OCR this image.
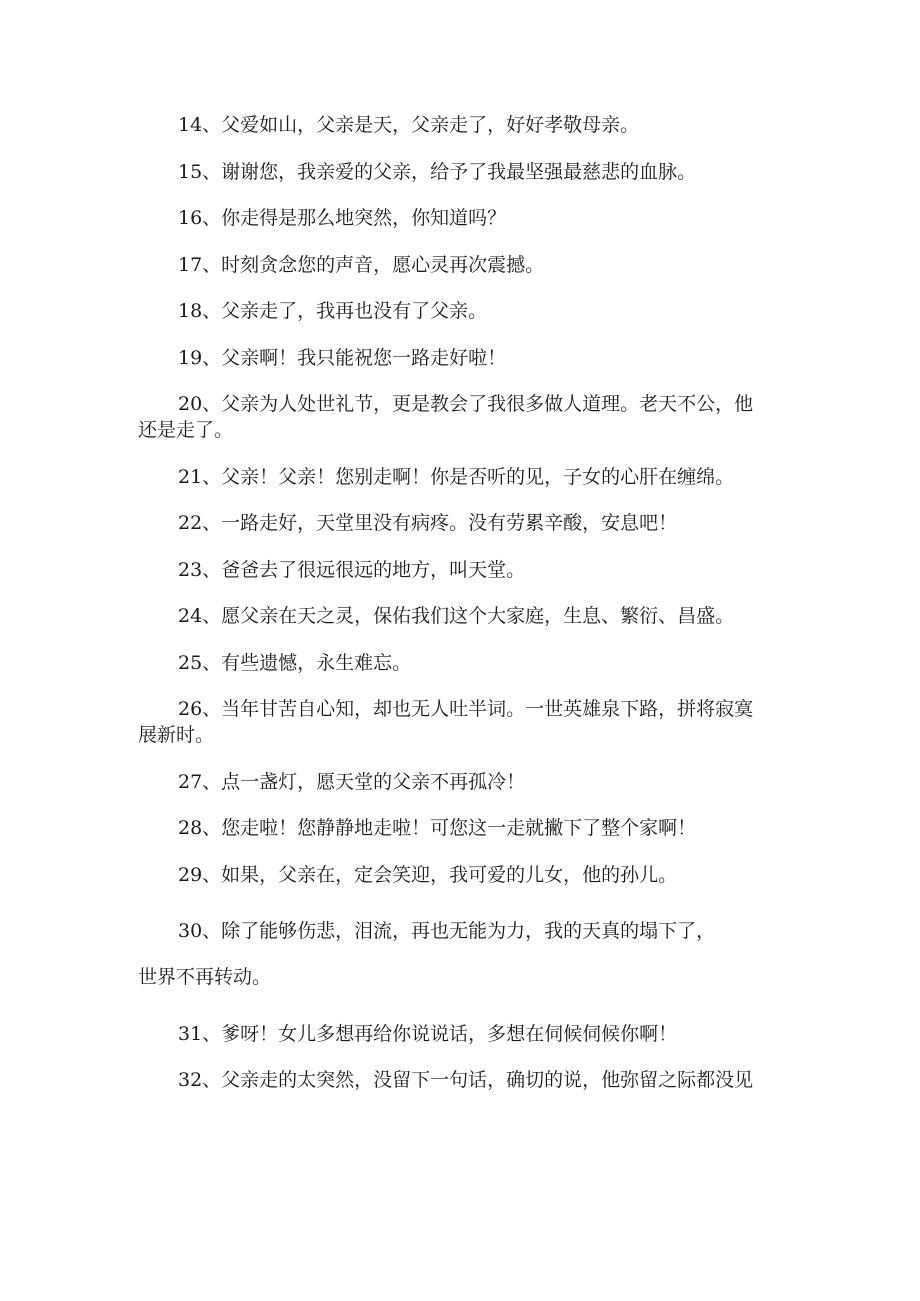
14、父爱如山，父亲是天，父亲走了，好好孝敬母亲。

15、谢谢您，我亲爱的父亲，给予了我最坚强最慈悲的血脉。

16、你走得是那么地突然，你知道吗？

17、时刻贪念您的声音，愿心灵再次震撼。

18、父亲走了，我再也没有了父亲。

19、父亲啊！我只能祝您一路走好啦！

20、父亲为人处世礼节，更是教会了我很多做人道理。老天不公，他
还是走了。

21、父亲！父亲！您别走啊！你是否听的见，子女的心肝在缠绵。

22、一路走好，天堂里没有病疼。没有劳累辛酸，安息吧！

23、爸爸去了很远很远的地方，叫天堂。

24、愿父亲在天之灵，保佑我们这个大家庭，生息、繁衍、昌盛。

25、有些遗憾，永生难忘。

26、当年甘苦自心知，却也无人吐半词。一世英雄泉下路，拼将寂寞
展新时。

27、点一盏灯，愿天堂的父亲不再孤冷！

28、您走啦！您静静地走啦！可您这一走就撇下了整个家啊！

29、如果，父亲在，定会笑迎，我可爱的儿女，他的孙儿。

30、除了能够伤悲，泪流，再也无能为力，我的天真的塌下了，
世界不再转动。

31、爹呀！女儿多想再给你说说话，多想在伺候伺候你啊！

32、父亲走的太突然，没留下一句话，确切的说，他弥留之际都没见
